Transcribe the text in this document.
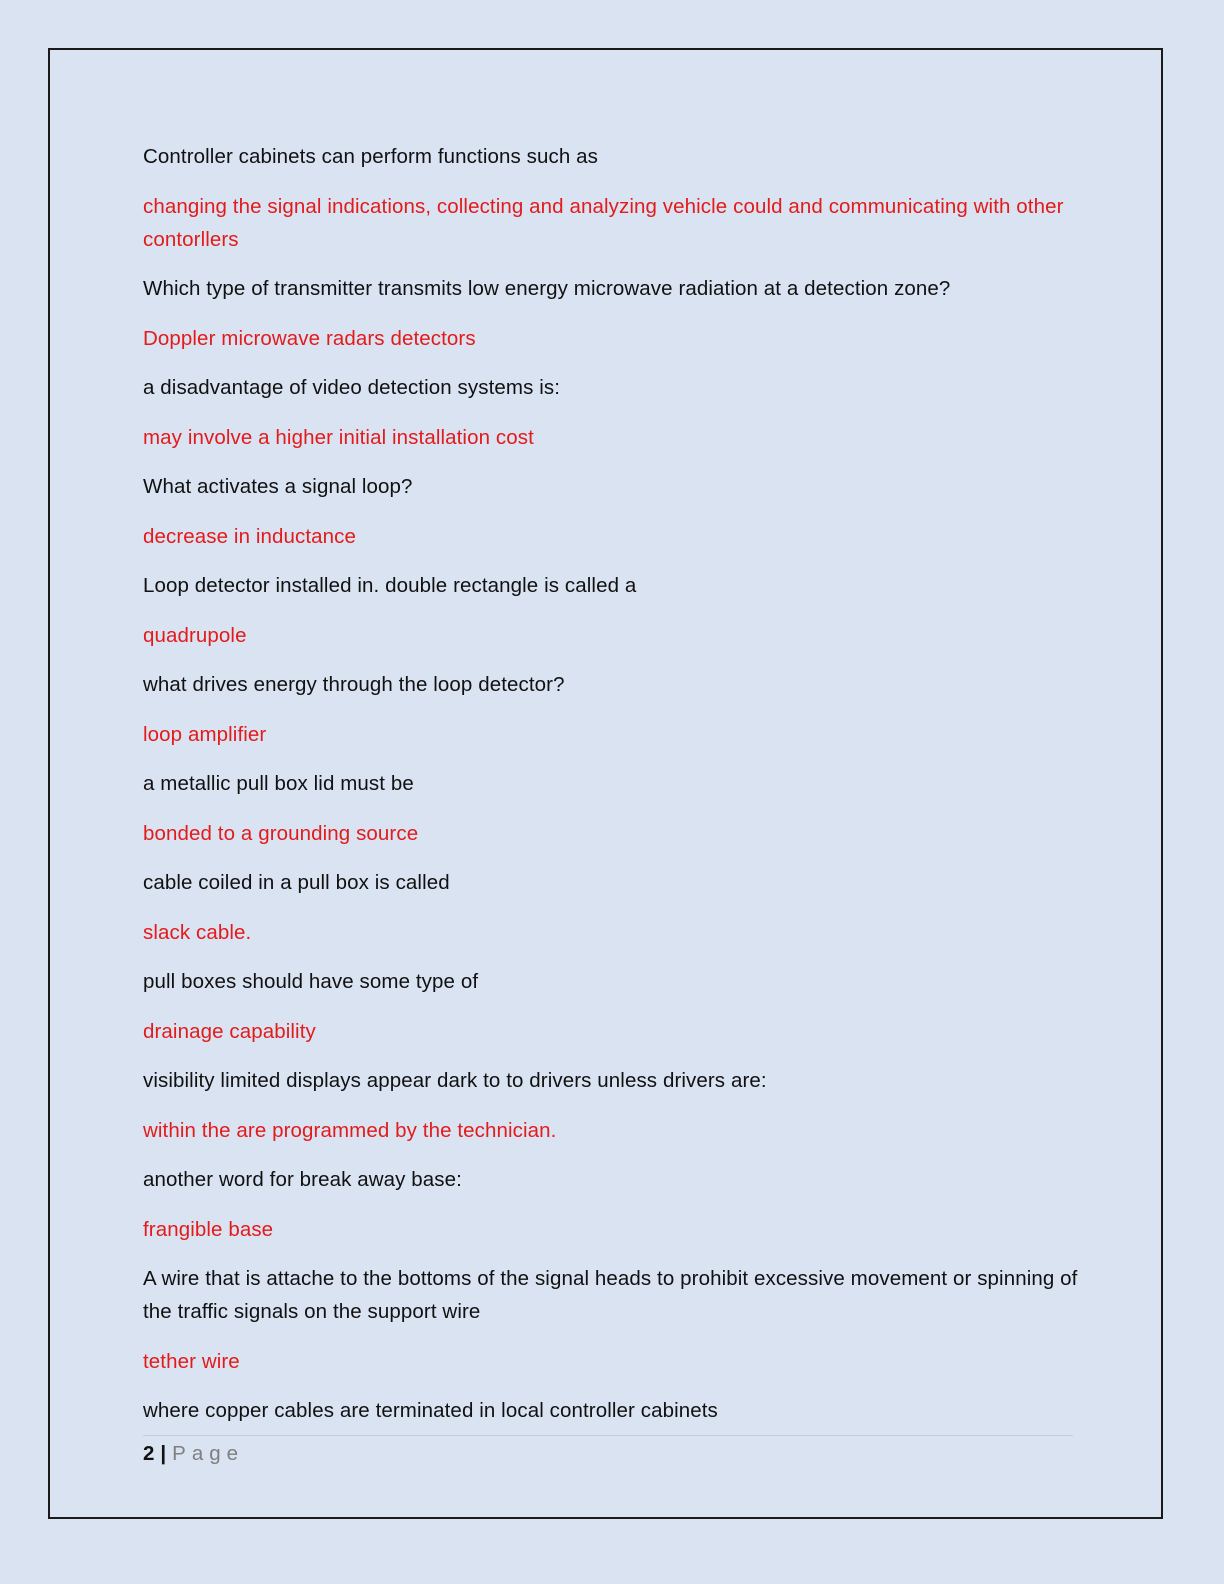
Controller cabinets can perform functions such as

changing the signal indications, collecting and analyzing vehicle could and communicating with other contorllers

Which type of transmitter transmits low energy microwave radiation at a detection zone?

Doppler microwave radars detectors

a disadvantage of video detection systems is:

may involve a higher initial installation cost

What activates a signal loop?

decrease in inductance

Loop detector installed in. double rectangle is called a

quadrupole

what drives energy through the loop detector?

loop amplifier

a metallic pull box lid must be

bonded to a grounding source

cable coiled in a pull box is called

slack cable.

pull boxes should have some type of

drainage capability

visibility limited displays appear dark to to drivers unless drivers are:

within the are programmed by the technician.

another word for break away base:

frangible base

A wire that is attache to the bottoms of the signal heads to prohibit excessive movement or spinning of the traffic signals on the support wire

tether wire

where copper cables are terminated in local controller cabinets

2 | Page
